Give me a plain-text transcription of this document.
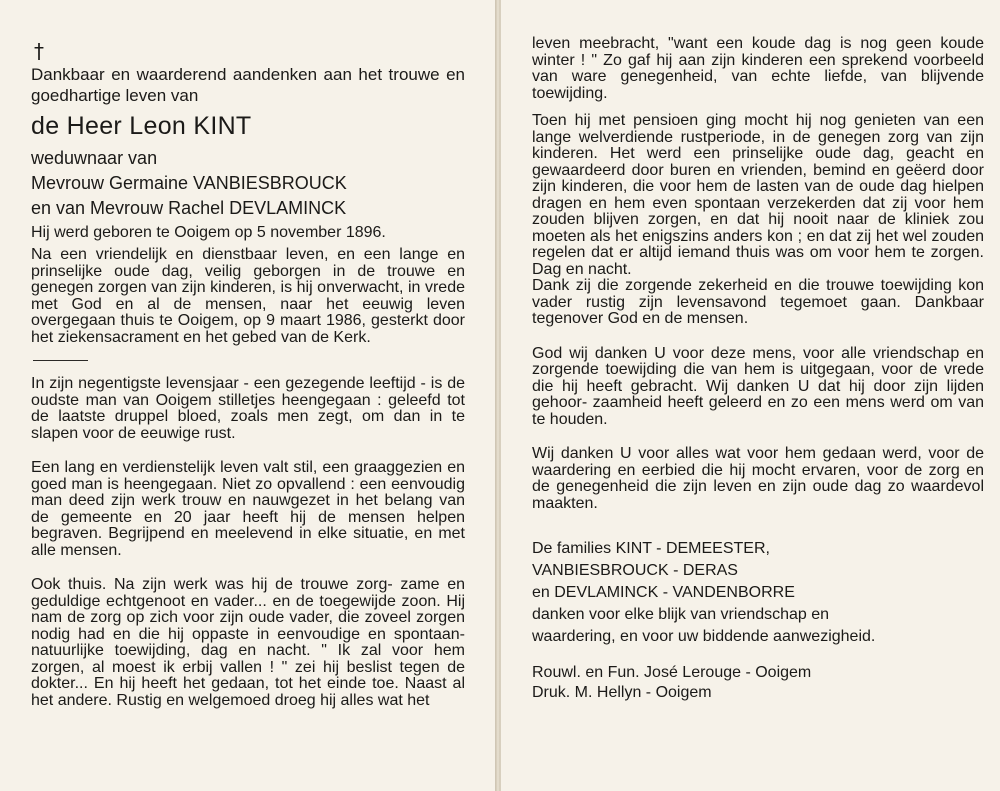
†

Dankbaar en waarderend aandenken aan het trouwe en goedhartige leven van

de Heer Leon KINT
weduwnaar van
Mevrouw Germaine VANBIESBROUCK
en van Mevrouw Rachel DEVLAMINCK

Hij werd geboren te Ooigem op 5 november 1896.

Na een vriendelijk en dienstbaar leven, en een lange en prinselijke oude dag, veilig geborgen in de trouwe en genegen zorgen van zijn kinderen, is hij onverwacht, in vrede met God en al de mensen, naar het eeuwig leven overgegaan thuis te Ooigem, op 9 maart 1986, gesterkt door het ziekensacrament en het gebed van de Kerk.

In zijn negentigste levensjaar - een gezegende leeftijd - is de oudste man van Ooigem stilletjes heengegaan : geleefd tot de laatste druppel bloed, zoals men zegt, om dan in te slapen voor de eeuwige rust.

Een lang en verdienstelijk leven valt stil, een graaggezien en goed man is heengegaan. Niet zo opvallend : een eenvoudig man deed zijn werk trouw en nauwgezet in het belang van de gemeente en 20 jaar heeft hij de mensen helpen begraven. Begrijpend en meelevend in elke situatie, en met alle mensen.

Ook thuis. Na zijn werk was hij de trouwe zorg- zame en geduldige echtgenoot en vader... en de toegewijde zoon. Hij nam de zorg op zich voor zijn oude vader, die zoveel zorgen nodig had en die hij oppaste in eenvoudige en spontaan- natuurlijke toewijding, dag en nacht. " Ik zal voor hem zorgen, al moest ik erbij vallen ! " zei hij beslist tegen de dokter... En hij heeft het gedaan, tot het einde toe. Naast al het andere. Rustig en welgemoed droeg hij alles wat het

leven meebracht, "want een koude dag is nog geen koude winter ! " Zo gaf hij aan zijn kinderen een sprekend voorbeeld van ware genegenheid, van echte liefde, van blijvende toewijding.

Toen hij met pensioen ging mocht hij nog genieten van een lange welverdiende rustperiode, in de genegen zorg van zijn kinderen. Het werd een prinselijke oude dag, geacht en gewaardeerd door buren en vrienden, bemind en geëerd door zijn kinderen, die voor hem de lasten van de oude dag hielpen dragen en hem even spontaan verzekerden dat zij voor hem zouden blijven zorgen, en dat hij nooit naar de kliniek zou moeten als het enigszins anders kon ; en dat zij het wel zouden regelen dat er altijd iemand thuis was om voor hem te zorgen. Dag en nacht.

Dank zij die zorgende zekerheid en die trouwe toewijding kon vader rustig zijn levensavond tegemoet gaan. Dankbaar tegenover God en de mensen.

God wij danken U voor deze mens, voor alle vriendschap en zorgende toewijding die van hem is uitgegaan, voor de vrede die hij heeft gebracht. Wij danken U dat hij door zijn lijden gehoor- zaamheid heeft geleerd en zo een mens werd om van te houden.

Wij danken U voor alles wat voor hem gedaan werd, voor de waardering en eerbied die hij mocht ervaren, voor de zorg en de genegenheid die zijn leven en zijn oude dag zo waardevol maakten.

De families KINT - DEMEESTER,

VANBIESBROUCK - DERAS

en DEVLAMINCK - VANDENBORRE

danken voor elke blijk van vriendschap en

waardering, en voor uw biddende aanwezigheid.

Rouwl. en Fun. José Lerouge - Ooigem

Druk. M. Hellyn - Ooigem
